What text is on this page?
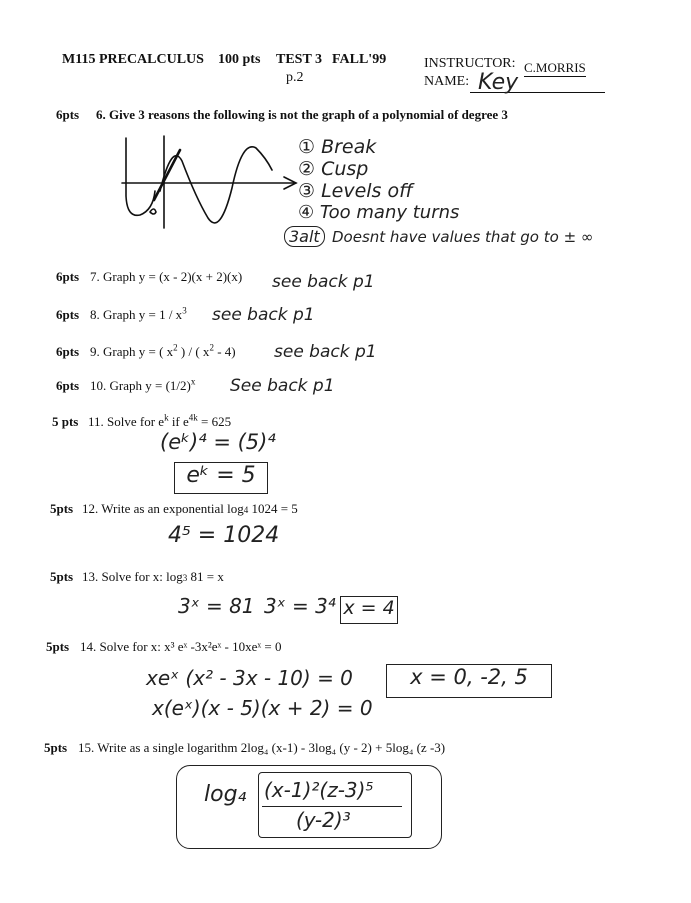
M115 PRECALCULUS 100 pts TEST 3 FALL'99
p.2
INSTRUCTOR: C.MORRIS
NAME: Key
6pts 6. Give 3 reasons the following is not the graph of a polynomial of degree 3
① Break
② Cusp
③ Levels off
④ Too many turns
3alt Doesnt have values that go to ± ∞
6pts 7. Graph y = (x - 2)(x + 2)(x) see back p1
6pts 8. Graph $y = 1 / x^3$ see back p1
6pts 9. Graph y = ( $x^2$ ) / ( $x^2 - 4$) see back p1
6pts 10. Graph $y = (1/2)^x$ See back p1
5 pts 11. Solve for $e^k$ if $e^{4k} = 625$
(eᵏ)⁴ = (5)⁴
eᵏ = 5
5pts 12. Write as an exponential log4 1024 = 5
4⁵ = 1024
5pts 13. Solve for x: log3 81 = x
3ˣ = 81 3ˣ = 3⁴ x = 4
5pts 14. Solve for x: x³ eˣ -3x²eˣ - 10xeˣ = 0
xeˣ (x² - 3x - 10) = 0
x(eˣ)(x - 5)(x + 2) = 0
x = 0, -2, 5
5pts 15. Write as a single logarithm 2log₄ (x-1) - 3log₄ (y - 2) + 5log₄ (z -3)
log₄ (x-1)²(z-3)⁵
(y-2)³
